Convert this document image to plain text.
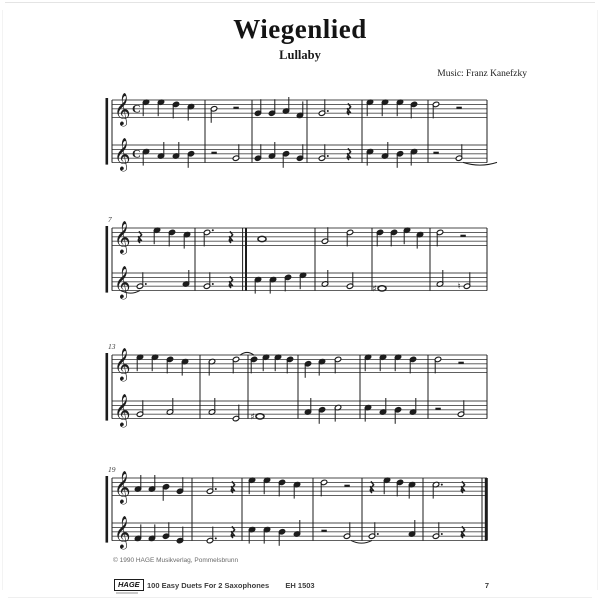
Wiegenlied
Lullaby
Music: Franz Kanefzky
𝄞 C
𝄞 C
𝄞
𝄞
7
♯	♮
𝄞
𝄞
13
♯
𝄞
𝄞
19
© 1990 HAGE Musikverlag, Pommelsbrunn
HAGE 100 Easy Duets For 2 Saxophones	EH 1503	7
